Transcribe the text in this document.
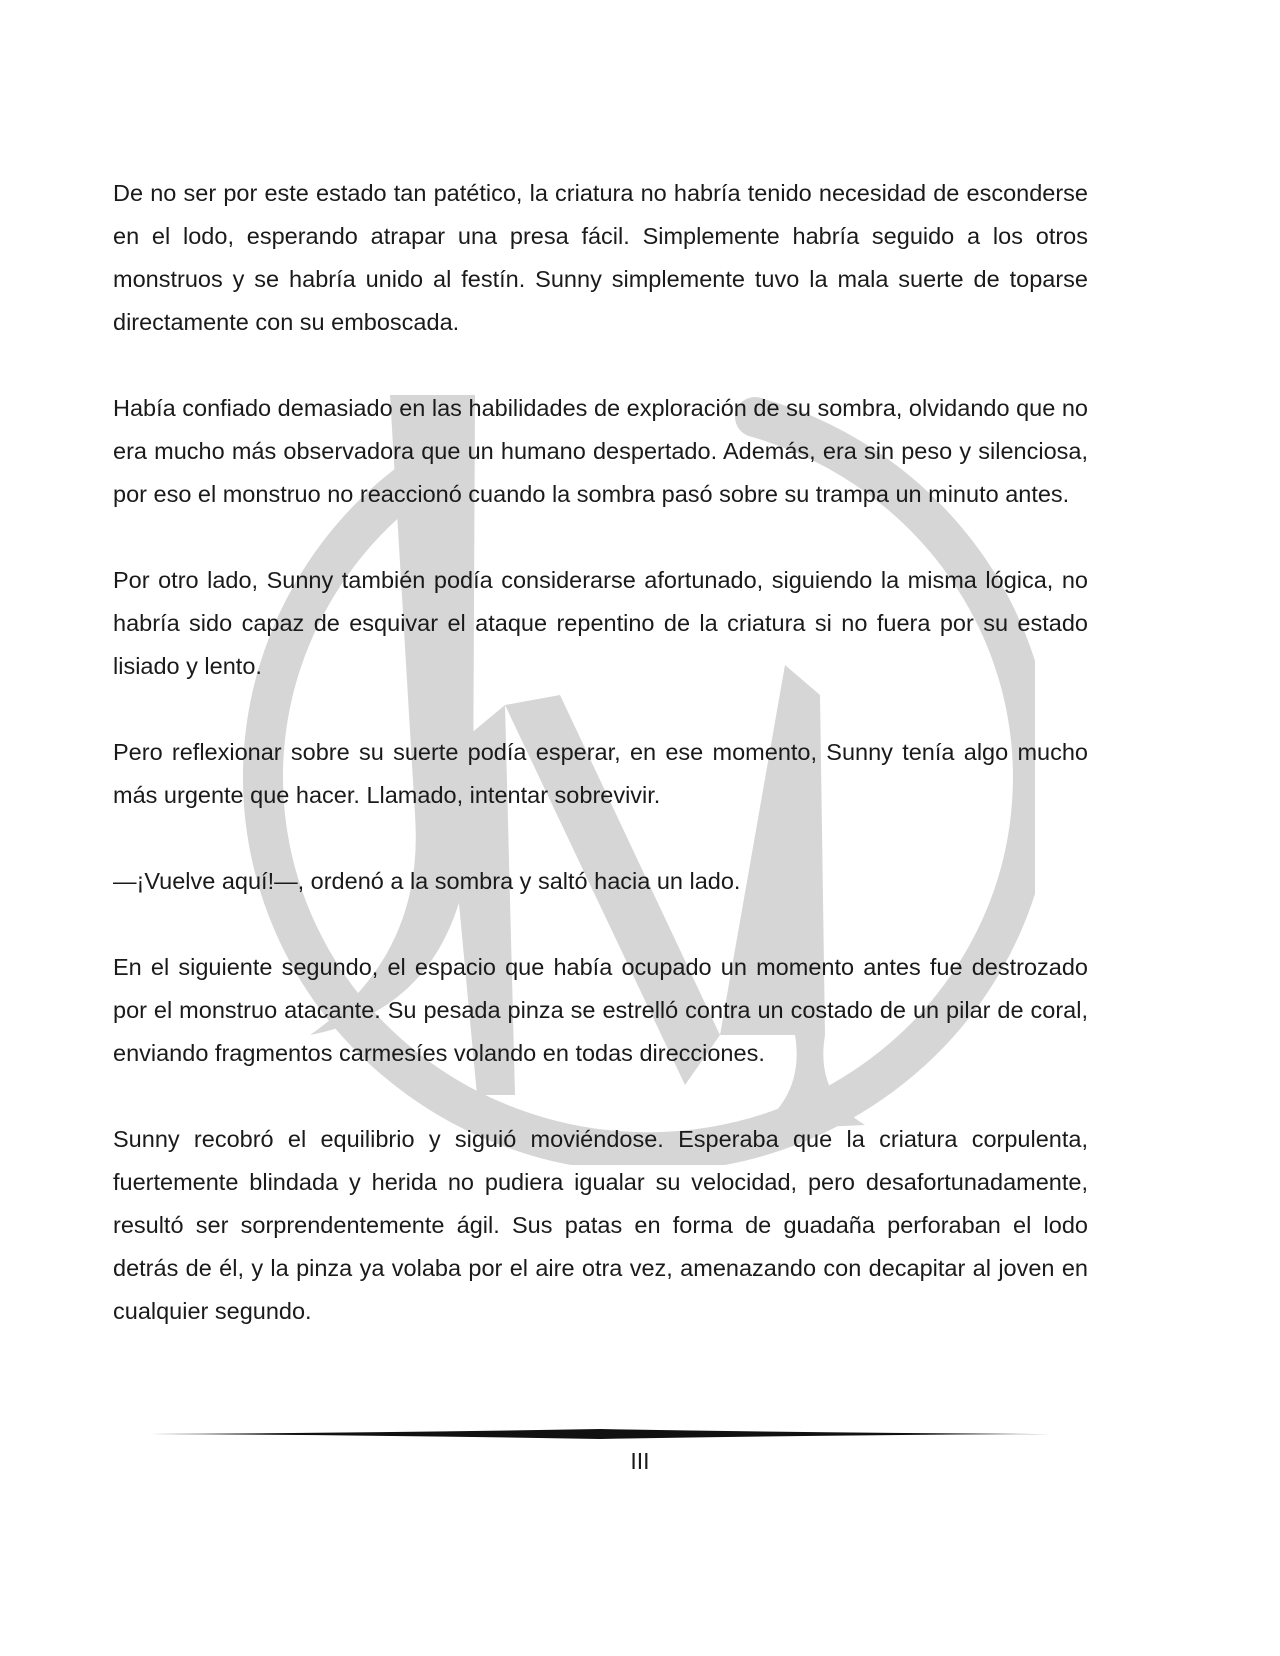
De no ser por este estado tan patético, la criatura no habría tenido necesidad de esconderse en el lodo, esperando atrapar una presa fácil. Simplemente habría seguido a los otros monstruos y se habría unido al festín. Sunny simplemente tuvo la mala suerte de toparse directamente con su emboscada.

Había confiado demasiado en las habilidades de exploración de su sombra, olvidando que no era mucho más observadora que un humano despertado. Además, era sin peso y silenciosa, por eso el monstruo no reaccionó cuando la sombra pasó sobre su trampa un minuto antes.

Por otro lado, Sunny también podía considerarse afortunado, siguiendo la misma lógica, no habría sido capaz de esquivar el ataque repentino de la criatura si no fuera por su estado lisiado y lento.

Pero reflexionar sobre su suerte podía esperar, en ese momento, Sunny tenía algo mucho más urgente que hacer. Llamado, intentar sobrevivir.

—¡Vuelve aquí!—, ordenó a la sombra y saltó hacia un lado.

En el siguiente segundo, el espacio que había ocupado un momento antes fue destrozado por el monstruo atacante. Su pesada pinza se estrelló contra un costado de un pilar de coral, enviando fragmentos carmesíes volando en todas direcciones.

Sunny recobró el equilibrio y siguió moviéndose. Esperaba que la criatura corpulenta, fuertemente blindada y herida no pudiera igualar su velocidad, pero desafortunadamente, resultó ser sorprendentemente ágil. Sus patas en forma de guadaña perforaban el lodo detrás de él, y la pinza ya volaba por el aire otra vez, amenazando con decapitar al joven en cualquier segundo.

III
